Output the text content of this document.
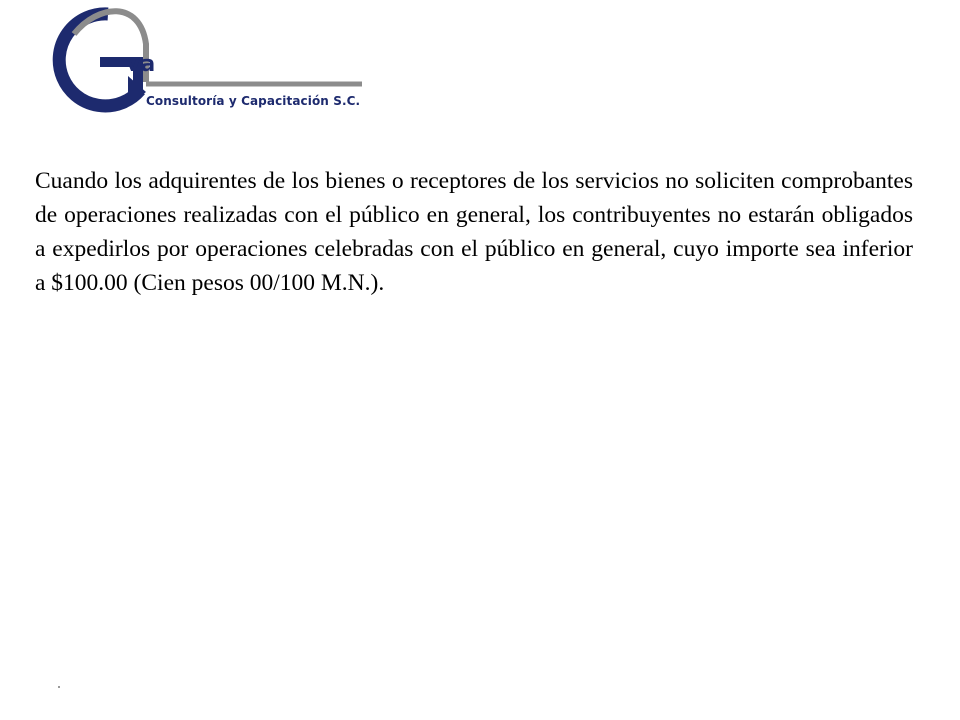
va
Consultoría y Capacitación S.C.

Cuando los adquirentes de los bienes o receptores de los servicios no soliciten comprobantes de operaciones realizadas con el público en general, los contribuyentes no estarán obligados a expedirlos por operaciones celebradas con el público en general, cuyo importe sea inferior a $100.00 (Cien pesos 00/100 M.N.).
